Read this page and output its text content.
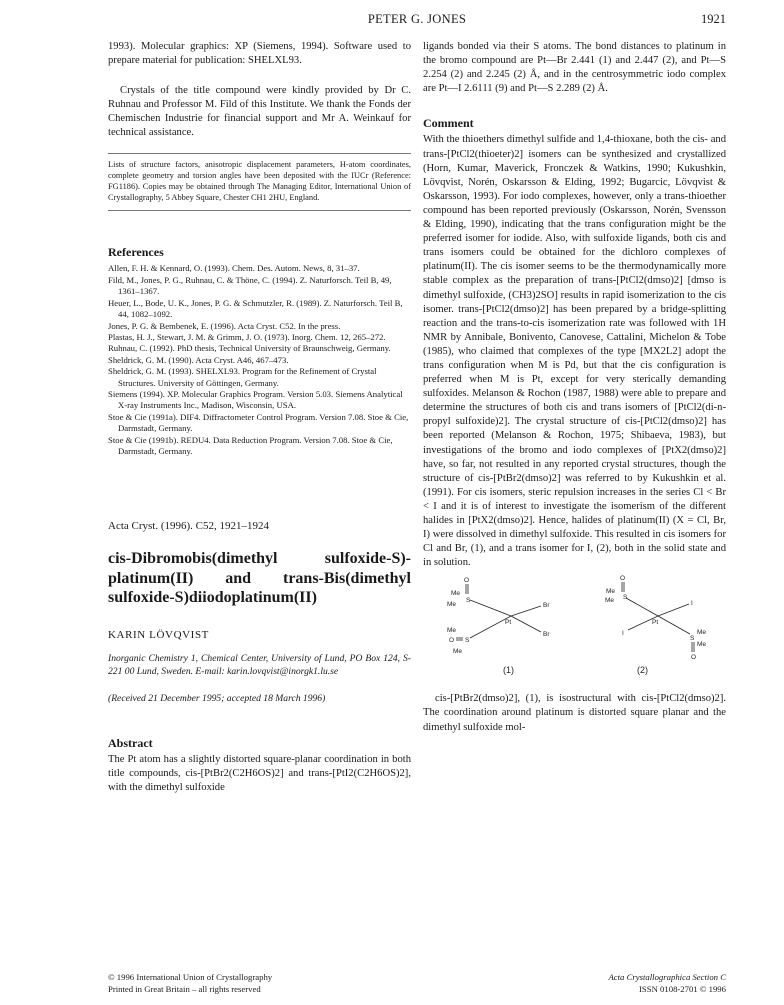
PETER G. JONES	1921

1993). Molecular graphics: XP (Siemens, 1994). Software used to prepare material for publication: SHELXL93.

Crystals of the title compound were kindly provided by Dr C. Ruhnau and Professor M. Fild of this Institute. We thank the Fonds der Chemischen Industrie for financial support and Mr A. Weinkauf for technical assistance.

Lists of structure factors, anisotropic displacement parameters, H-atom coordinates, complete geometry and torsion angles have been deposited with the IUCr (Reference: FG1186). Copies may be obtained through The Managing Editor, International Union of Crystallography, 5 Abbey Square, Chester CH1 2HU, England.

References
Allen, F. H. & Kennard, O. (1993). Chem. Des. Autom. News, 8, 31–37.
Fild, M., Jones, P. G., Ruhnau, C. & Thöne, C. (1994). Z. Naturforsch. Teil B, 49, 1361–1367.
Heuer, L., Bode, U. K., Jones, P. G. & Schmutzler, R. (1989). Z. Naturforsch. Teil B, 44, 1082–1092.
Jones, P. G. & Bembenek, E. (1996). Acta Cryst. C52. In the press.
Plastas, H. J., Stewart, J. M. & Grimm, J. O. (1973). Inorg. Chem. 12, 265–272.
Ruhnau, C. (1992). PhD thesis, Technical University of Braunschweig, Germany.
Sheldrick, G. M. (1990). Acta Cryst. A46, 467–473.
Sheldrick, G. M. (1993). SHELXL93. Program for the Refinement of Crystal Structures. University of Göttingen, Germany.
Siemens (1994). XP. Molecular Graphics Program. Version 5.03. Siemens Analytical X-ray Instruments Inc., Madison, Wisconsin, USA.
Stoe & Cie (1991a). DIF4. Diffractometer Control Program. Version 7.08. Stoe & Cie, Darmstadt, Germany.
Stoe & Cie (1991b). REDU4. Data Reduction Program. Version 7.08. Stoe & Cie, Darmstadt, Germany.

Acta Cryst. (1996). C52, 1921–1924

cis-Dibromobis(dimethyl sulfoxide-S)-platinum(II) and trans-Bis(dimethyl sulfoxide-S)diiodoplatinum(II)

KARIN LÖVQVIST

Inorganic Chemistry 1, Chemical Center, University of Lund, PO Box 124, S-221 00 Lund, Sweden. E-mail: karin.lovqvist@inorgk1.lu.se

(Received 21 December 1995; accepted 18 March 1996)

Abstract

The Pt atom has a slightly distorted square-planar coordination in both title compounds, cis-[PtBr2(C2H6OS)2] and trans-[PtI2(C2H6OS)2], with the dimethyl sulfoxide

ligands bonded via their S atoms. The bond distances to platinum in the bromo compound are Pt—Br 2.441 (1) and 2.447 (2), and Pt—S 2.254 (2) and 2.245 (2) Å, and in the centrosymmetric iodo complex are Pt—I 2.6111 (9) and Pt—S 2.289 (2) Å.

Comment

With the thioethers dimethyl sulfide and 1,4-thioxane, both the cis- and trans-[PtCl2(thioeter)2] isomers can be synthesized and crystallized (Horn, Kumar, Maverick, Fronczek & Watkins, 1990; Kukushkin, Lövqvist, Norén, Oskarsson & Elding, 1992; Bugarcic, Lövqvist & Oskarsson, 1993). For iodo complexes, however, only a trans-thioether compound has been reported previously (Oskarsson, Norén, Svensson & Elding, 1990), indicating that the trans configuration might be the preferred isomer for iodide. Also, with sulfoxide ligands, both cis and trans isomers could be obtained for the dichloro complexes of platinum(II). The cis isomer seems to be the thermodynamically more stable complex as the preparation of trans-[PtCl2(dmso)2] [dmso is dimethyl sulfoxide, (CH3)2SO] results in rapid isomerization to the cis isomer. trans-[PtCl2(dmso)2] has been prepared by a bridge-splitting reaction and the trans-to-cis isomerization rate was followed with 1H NMR by Annibale, Bonivento, Canovese, Cattalini, Michelon & Tobe (1985), who claimed that complexes of the type [MX2L2] adopt the trans configuration when M is Pd, but that the cis configuration is preferred when M is Pt, except for very sterically demanding sulfoxides. Melanson & Rochon (1987, 1988) were able to prepare and determine the structures of both cis and trans isomers of [PtCl2(di-n-propyl sulfoxide)2]. The crystal structure of cis-[PtCl2(dmso)2] has been reported (Melanson & Rochon, 1975; Shibaeva, 1983), but investigations of the bromo and iodo complexes of [PtX2(dmso)2] have, so far, not resulted in any reported crystal structures, though the structure of cis-[PtBr2(dmso)2] was referred to by Kukushkin et al. (1991). For cis isomers, steric repulsion increases in the series Cl < Br < I and it is of interest to investigate the isomerism of the different halides in [PtX2(dmso)2]. Hence, halides of platinum(II) (X = Cl, Br, I) were dissolved in dimethyl sulfoxide. This resulted in cis isomers for Cl and Br, (1), and a trans isomer for I, (2), both in the solid state and in solution.

O
Me
S
Me	Br
Pt
Me
O S
Br
Me
(1)
O
Me
S
Me	I
Pt
I	Me
S
Me
O
(2)

cis-[PtBr2(dmso)2], (1), is isostructural with cis-[PtCl2(dmso)2]. The coordination around platinum is distorted square planar and the dimethyl sulfoxide mol-

© 1996 International Union of Crystallography
Printed in Great Britain – all rights reserved
Acta Crystallographica Section C
ISSN 0108-2701 © 1996
